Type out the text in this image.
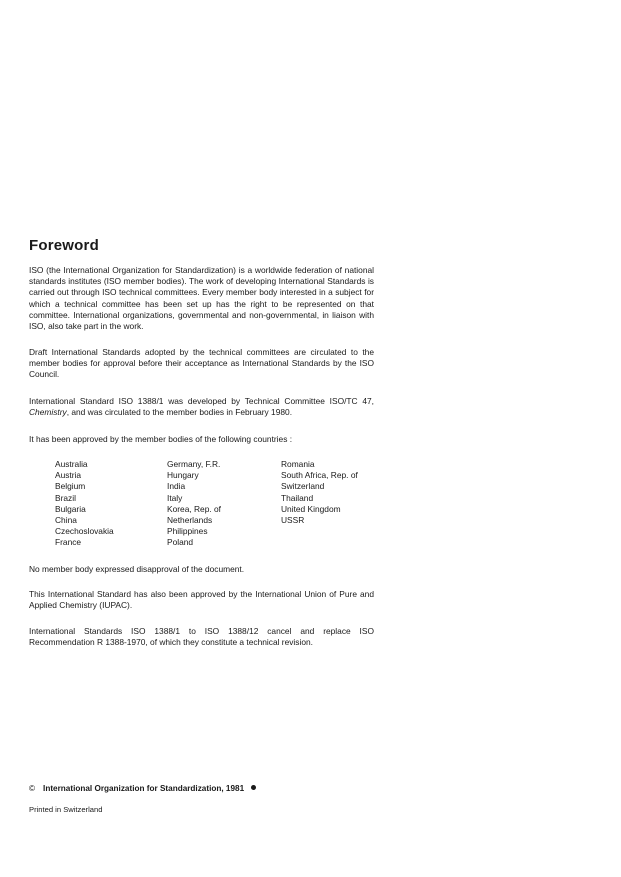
Foreword

ISO (the International Organization for Standardization) is a worldwide federation of national standards institutes (ISO member bodies). The work of developing International Standards is carried out through ISO technical committees. Every member body interested in a subject for which a technical committee has been set up has the right to be represented on that committee. International organizations, governmental and non-governmental, in liaison with ISO, also take part in the work.

Draft International Standards adopted by the technical committees are circulated to the member bodies for approval before their acceptance as International Standards by the ISO Council.

International Standard ISO 1388/1 was developed by Technical Committee ISO/TC 47, Chemistry, and was circulated to the member bodies in February 1980.

It has been approved by the member bodies of the following countries :

Australia
Austria
Belgium
Brazil
Bulgaria
China
Czechoslovakia
France
Germany, F.R.
Hungary
India
Italy
Korea, Rep. of
Netherlands
Philippines
Poland
Romania
South Africa, Rep. of
Switzerland
Thailand
United Kingdom
USSR

No member body expressed disapproval of the document.

This International Standard has also been approved by the International Union of Pure and Applied Chemistry (IUPAC).

International Standards ISO 1388/1 to ISO 1388/12 cancel and replace ISO Recommendation R 1388-1970, of which they constitute a technical revision.

© International Organization for Standardization, 1981
Printed in Switzerland
